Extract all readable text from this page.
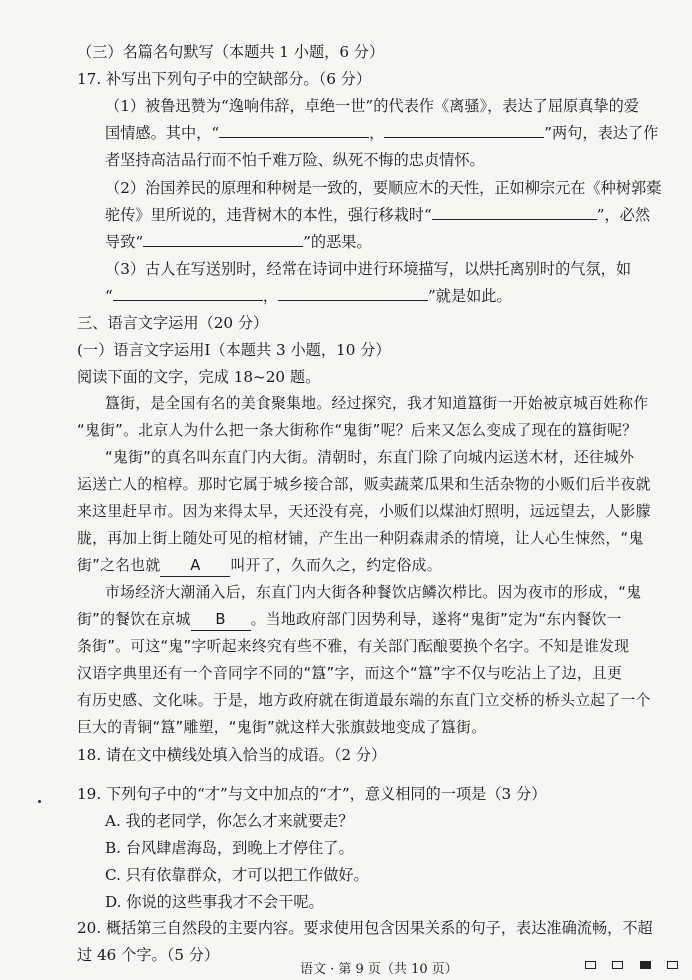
（三）名篇名句默写（本题共 1 小题，6 分）
17. 补写出下列句子中的空缺部分。（6 分）
（1）被鲁迅赞为“逸响伟辞，卓绝一世”的代表作《离骚》，表达了屈原真挚的爱
国情感。其中，“	，	”两句，表达了作
者坚持高洁品行而不怕千难万险、纵死不悔的忠贞情怀。
（2）治国养民的原理和种树是一致的，要顺应木的天性，正如柳宗元在《种树郭橐
驼传》里所说的，违背树木的本性，强行移栽时“	”，必然
导致“	”的恶果。
（3）古人在写送别时，经常在诗词中进行环境描写，以烘托离别时的气氛，如
“	，	”就是如此。
三、语言文字运用（20 分）
(一）语言文字运用Ⅰ（本题共 3 小题，10 分）
阅读下面的文字，完成 18~20 题。
簋街，是全国有名的美食聚集地。经过探究，我才知道簋街一开始被京城百姓称作
“鬼街”。北京人为什么把一条大街称作“鬼街”呢？后来又怎么变成了现在的簋街呢？
“鬼街”的真名叫东直门内大街。清朝时，东直门除了向城内运送木材，还往城外
运送亡人的棺椁。那时它属于城乡接合部，贩卖蔬菜瓜果和生活杂物的小贩们后半夜就
来这里赶早市。因为来得太早，天还没有亮，小贩们以煤油灯照明，远远望去，人影朦
胧，再加上街上随处可见的棺材铺，产生出一种阴森肃杀的情境，让人心生悚然，“鬼
街”之名也就 A 叫开了，久而久之，约定俗成。
市场经济大潮涌入后，东直门内大街各种餐饮店鳞次栉比。因为夜市的形成，“鬼
街”的餐饮在京城 B 。当地政府部门因势利导，遂将“鬼街”定为“东内餐饮一
条街”。可这“鬼”字听起来终究有些不雅，有关部门酝酿要换个名字。不知是谁发现
汉语字典里还有一个音同字不同的“簋”字，而这个“簋”字不仅与吃沾上了边，且更
有历史感、文化味。于是，地方政府就在街道最东端的东直门立交桥的桥头立起了一个
巨大的青铜“簋”雕塑，“鬼街”就这样大张旗鼓地变成了簋街。
18. 请在文中横线处填入恰当的成语。（2 分）
19. 下列句子中的“才”与文中加点的“才”，意义相同的一项是（3 分）
A. 我的老同学，你怎么才来就要走？
B. 台风肆虐海岛，到晚上才停住了。
C. 只有依靠群众，才可以把工作做好。
D. 你说的这些事我才不会干呢。
20. 概括第三自然段的主要内容。要求使用包含因果关系的句子，表达准确流畅，不超
过 46 个字。（5 分）
语文 · 第 9 页（共 10 页）
